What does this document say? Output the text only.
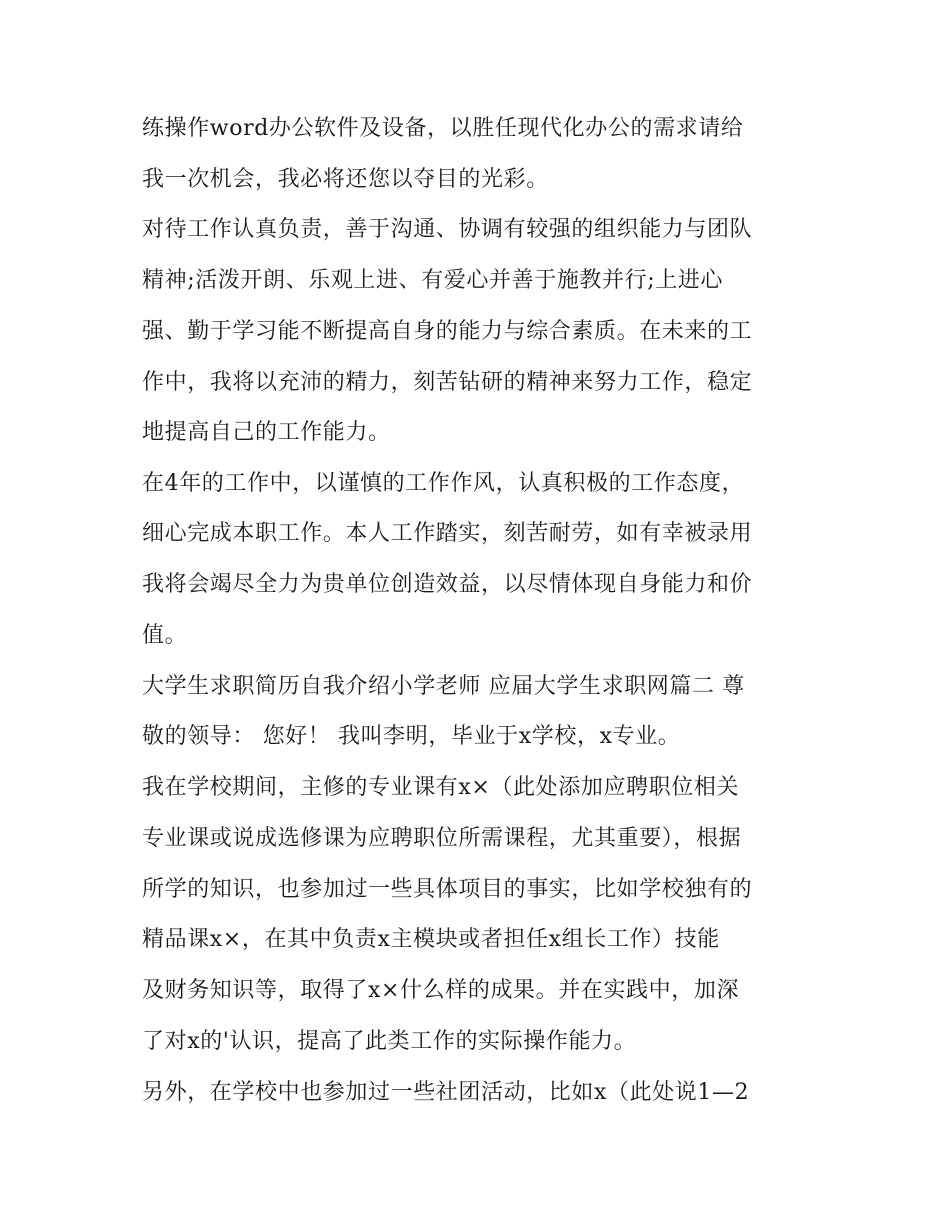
练操作word办公软件及设备，以胜任现代化办公的需求请给

我一次机会，我必将还您以夺目的光彩。

对待工作认真负责，善于沟通、协调有较强的组织能力与团队

精神;活泼开朗、乐观上进、有爱心并善于施教并行;上进心

强、勤于学习能不断提高自身的能力与综合素质。在未来的工

作中，我将以充沛的精力，刻苦钻研的精神来努力工作，稳定

地提高自己的工作能力。

在4年的工作中，以谨慎的工作作风，认真积极的工作态度，

细心完成本职工作。本人工作踏实，刻苦耐劳，如有幸被录用

我将会竭尽全力为贵单位创造效益，以尽情体现自身能力和价

值。

大学生求职简历自我介绍小学老师 应届大学生求职网篇二 尊

敬的领导： 您好！ 我叫李明，毕业于x学校，x专业。

我在学校期间，主修的专业课有x×（此处添加应聘职位相关

专业课或说成选修课为应聘职位所需课程，尤其重要），根据

所学的知识，也参加过一些具体项目的事实，比如学校独有的

精品课x×，在其中负责x主模块或者担任x组长工作）技能

及财务知识等，取得了x×什么样的成果。并在实践中，加深

了对x的'认识，提高了此类工作的实际操作能力。

另外，在学校中也参加过一些社团活动，比如x（此处说1—2
